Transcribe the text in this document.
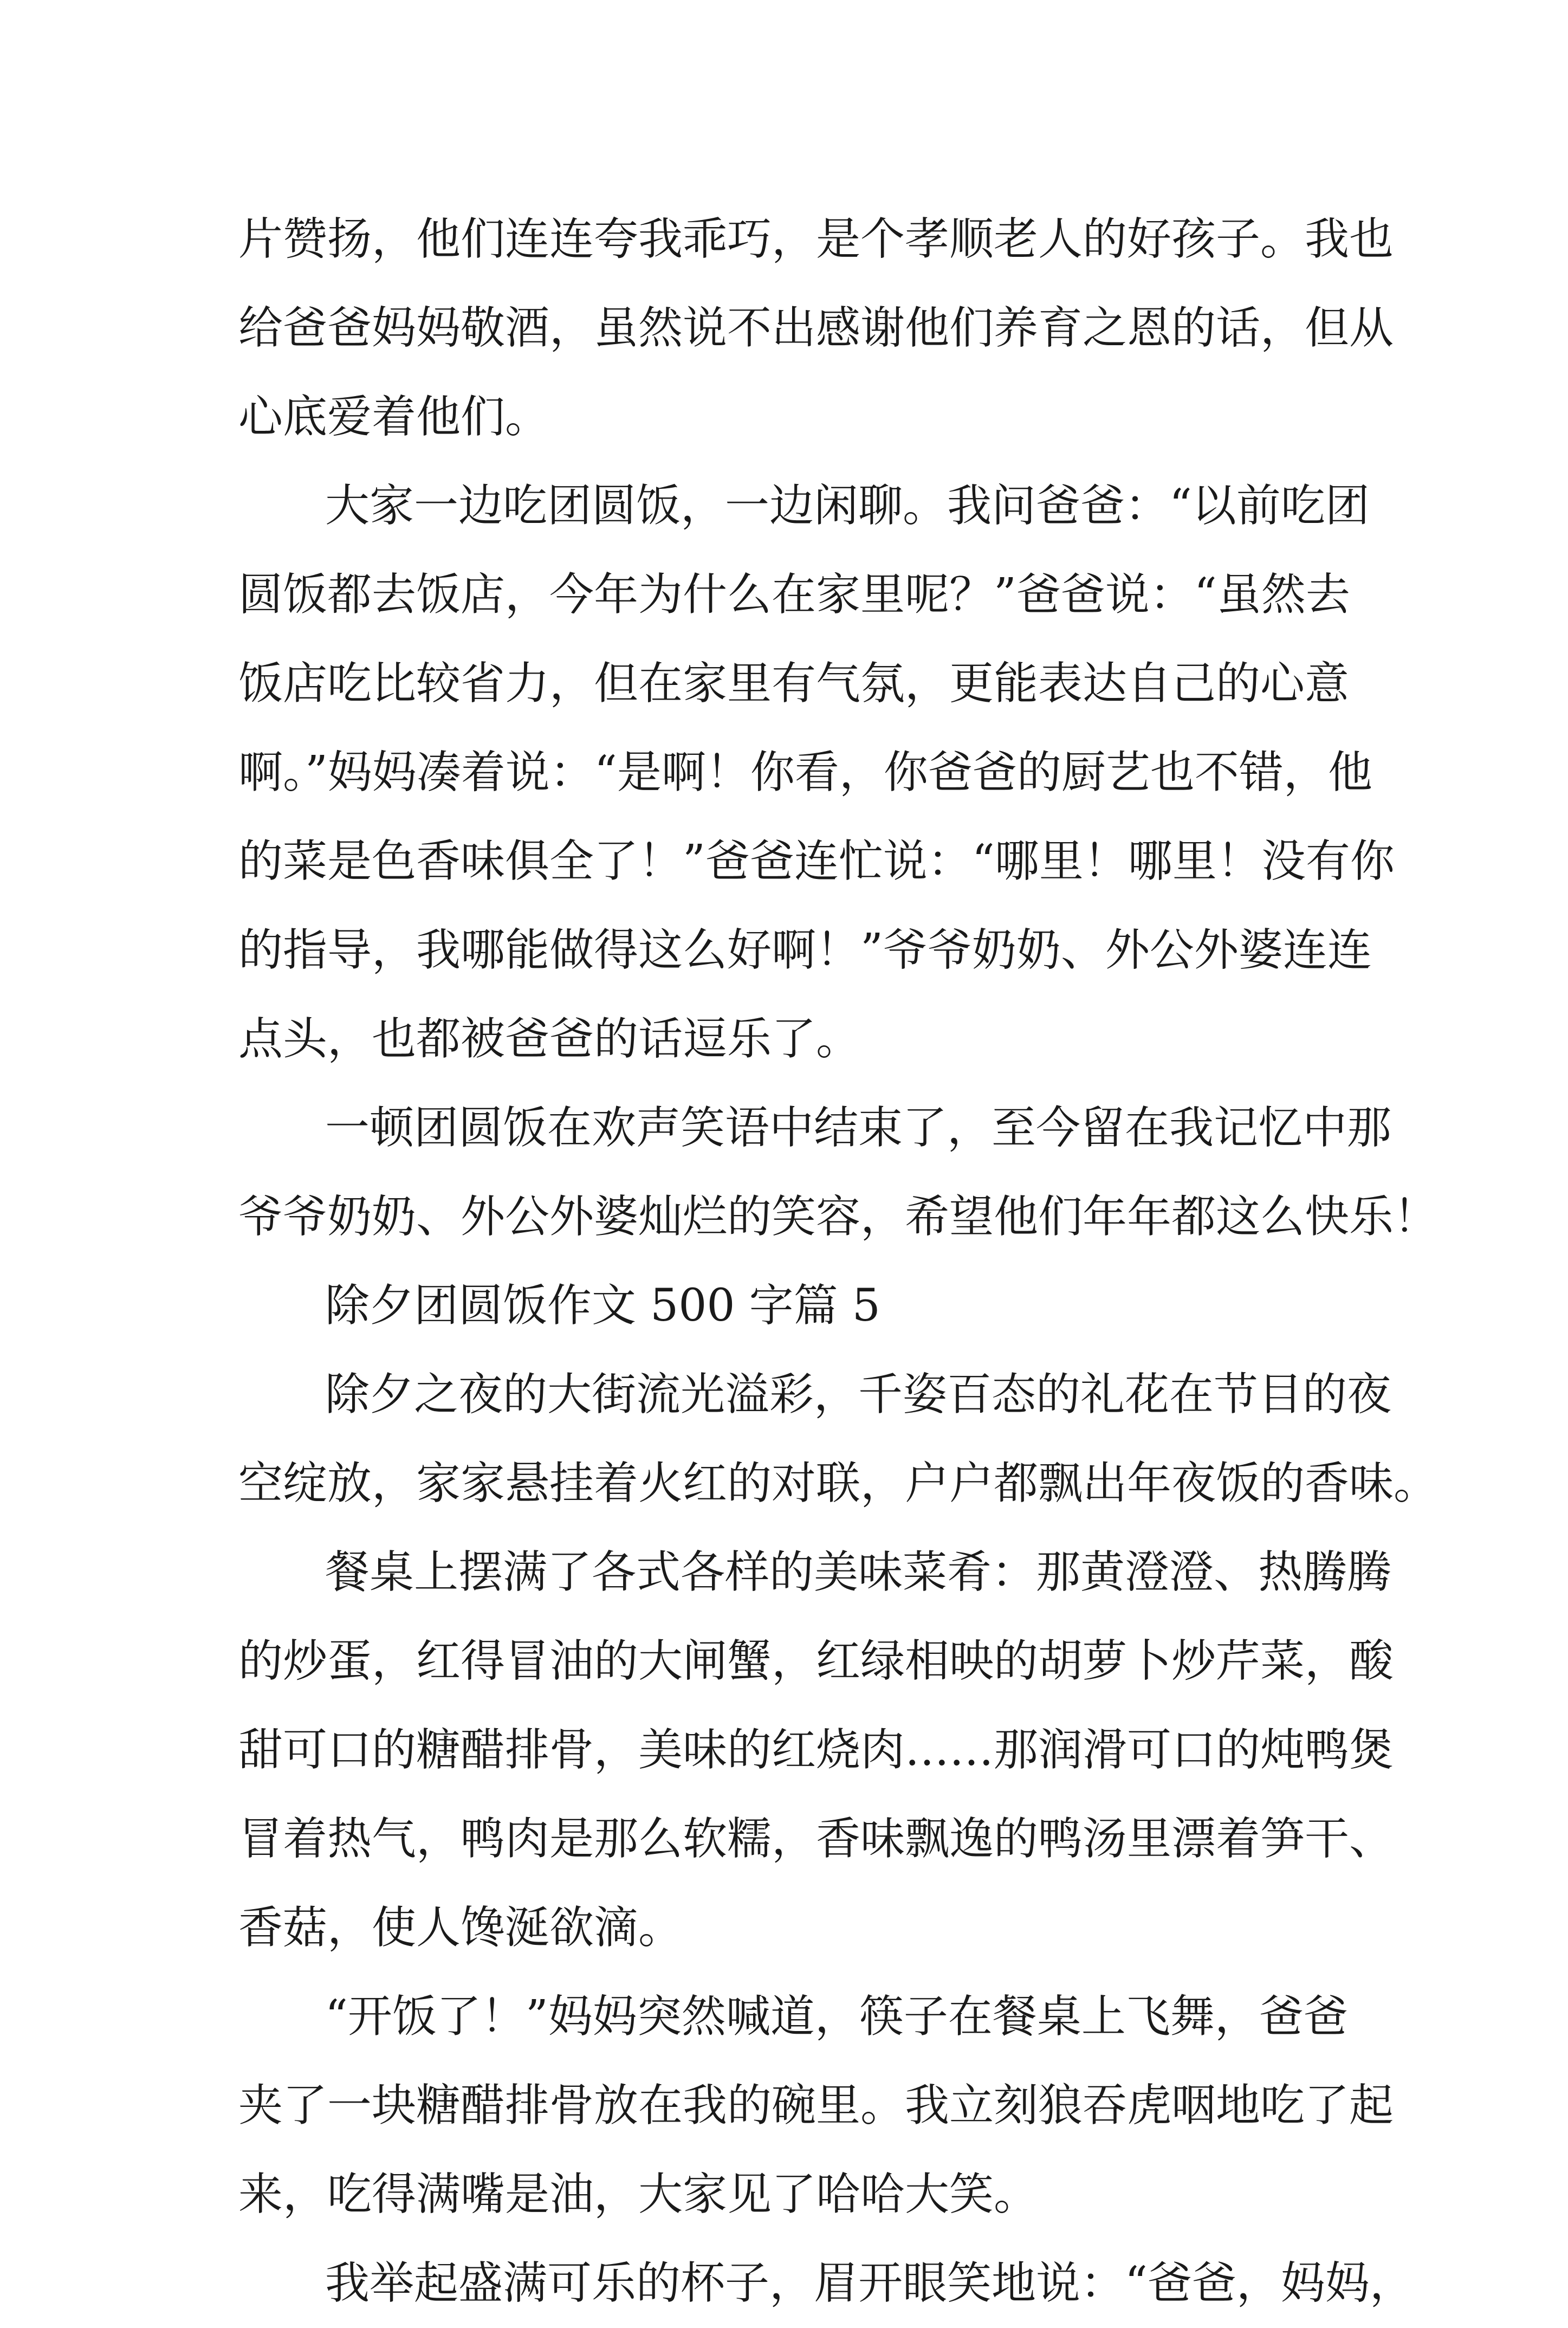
片赞扬，他们连连夸我乖巧，是个孝顺老人的好孩子。我也
给爸爸妈妈敬酒，虽然说不出感谢他们养育之恩的话，但从
心底爱着他们。
大家一边吃团圆饭，一边闲聊。我问爸爸：“以前吃团
圆饭都去饭店，今年为什么在家里呢？”爸爸说：“虽然去
饭店吃比较省力，但在家里有气氛，更能表达自己的心意
啊。”妈妈凑着说：“是啊！你看，你爸爸的厨艺也不错，他
的菜是色香味俱全了！”爸爸连忙说：“哪里！哪里！没有你
的指导，我哪能做得这么好啊！”爷爷奶奶、外公外婆连连
点头，也都被爸爸的话逗乐了。
一顿团圆饭在欢声笑语中结束了，至今留在我记忆中那
爷爷奶奶、外公外婆灿烂的笑容，希望他们年年都这么快乐！
除夕团圆饭作文 500 字篇 5
除夕之夜的大街流光溢彩，千姿百态的礼花在节目的夜
空绽放，家家悬挂着火红的对联，户户都飘出年夜饭的香味。
餐桌上摆满了各式各样的美味菜肴：那黄澄澄、热腾腾
的炒蛋，红得冒油的大闸蟹，红绿相映的胡萝卜炒芹菜，酸
甜可口的糖醋排骨，美味的红烧肉……那润滑可口的炖鸭煲
冒着热气，鸭肉是那么软糯，香味飘逸的鸭汤里漂着笋干、
香菇，使人馋涎欲滴。
“开饭了！”妈妈突然喊道，筷子在餐桌上飞舞，爸爸
夹了一块糖醋排骨放在我的碗里。我立刻狼吞虎咽地吃了起
来，吃得满嘴是油，大家见了哈哈大笑。
我举起盛满可乐的杯子，眉开眼笑地说：“爸爸，妈妈，
